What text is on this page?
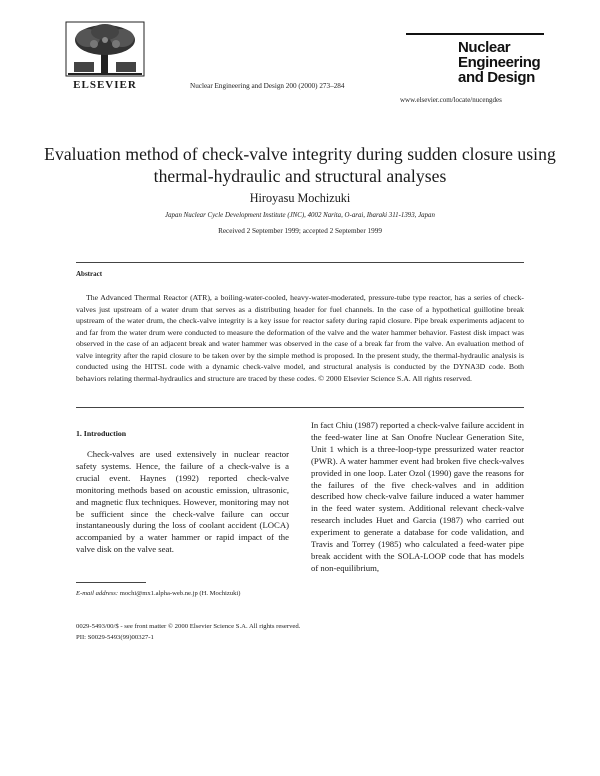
ELSEVIER	Nuclear Engineering and Design 200 (2000) 273–284
Nuclear
Engineering
and Design
www.elsevier.com/locate/nucengdes
Evaluation method of check-valve integrity during sudden closure using thermal-hydraulic and structural analyses
Hiroyasu Mochizuki
Japan Nuclear Cycle Development Institute (JNC), 4002 Narita, O-arai, Ibaraki 311-1393, Japan
Received 2 September 1999; accepted 2 September 1999
Abstract
The Advanced Thermal Reactor (ATR), a boiling-water-cooled, heavy-water-moderated, pressure-tube type reactor, has a series of check-valves just upstream of a water drum that serves as a distributing header for fuel channels. In the case of a hypothetical guillotine break upstream of the water drum, the check-valve integrity is a key issue for reactor safety during rapid closure. Pipe break experiments adjacent to and far from the water drum were conducted to measure the deformation of the valve and the water hammer behavior. Fastest disk impact was observed in the case of an adjacent break and water hammer was observed in the case of a break far from the valve. An evaluation method of valve integrity after the rapid closure to be taken over by the simple method is proposed. In the present study, the thermal-hydraulic analysis is conducted using the HITSL code with a dynamic check-valve model, and structural analysis is conducted by the DYNA3D code. Both behaviors relating thermal-hydraulics and structure are traced by these codes. © 2000 Elsevier Science S.A. All rights reserved.
1. Introduction
Check-valves are used extensively in nuclear reactor safety systems. Hence, the failure of a check-valve is a crucial event. Haynes (1992) reported check-valve monitoring methods based on acoustic emission, ultrasonic, and magnetic flux techniques. However, monitoring may not be sufficient since the check-valve failure can occur instantaneously during the loss of coolant accident (LOCA) accompanied by a water hammer or rapid impact of the valve disk on the valve seat.
In fact Chiu (1987) reported a check-valve failure accident in the feed-water line at San Onofre Nuclear Generation Site, Unit 1 which is a three-loop-type pressurized water reactor (PWR). A water hammer event had broken five check-valves provided in one loop. Later Ozol (1990) gave the reasons for the failures of the five check-valves and in addition described how check-valve failure induced a water hammer in the feed water system. Additional relevant check-valve research includes Huet and Garcia (1987) who carried out experiment to generate a database for code validation, and Travis and Torrey (1985) who calculated a feed-water pipe break accident with the SOLA-LOOP code that has models of non-equilibrium,
E-mail address: mochi@mx1.alpha-web.ne.jp (H. Mochizuki)
0029-5493/00/$ - see front matter © 2000 Elsevier Science S.A. All rights reserved.
PII: S0029-5493(99)00327-1
